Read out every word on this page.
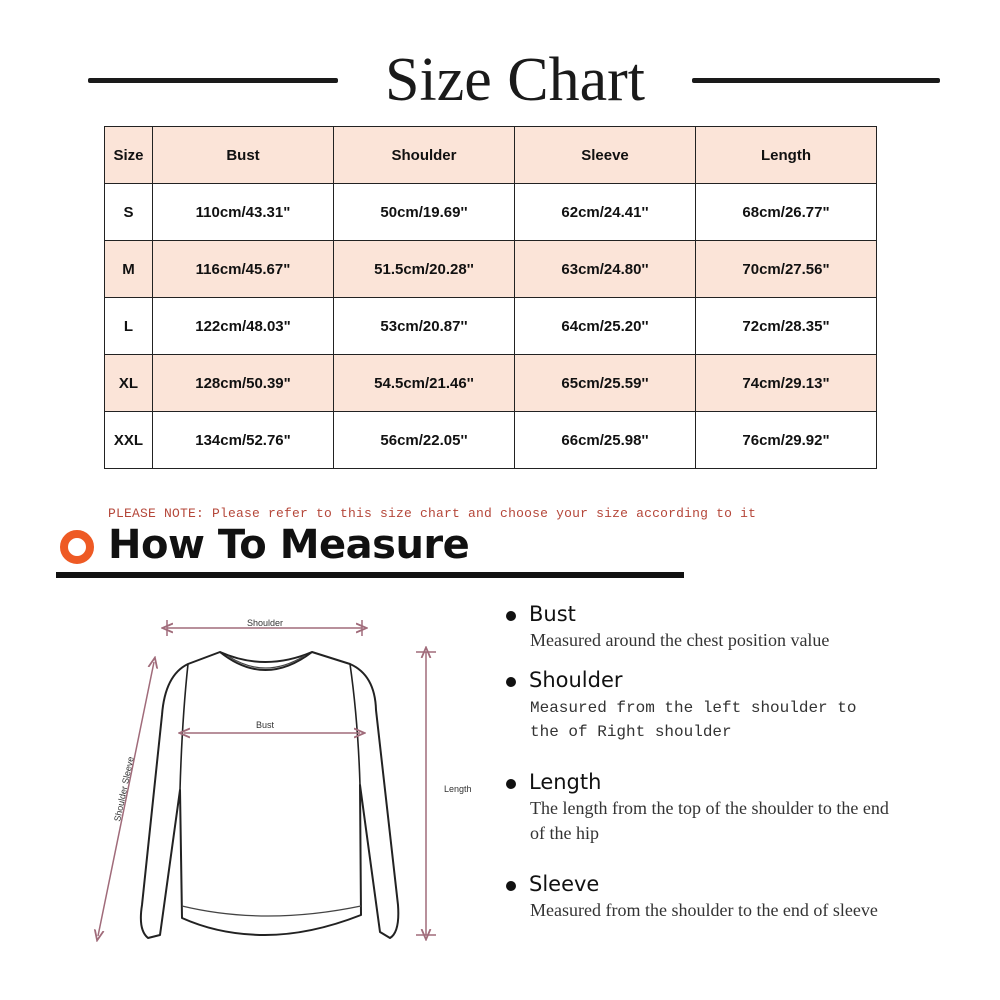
Size Chart
Size	Bust	Shoulder	Sleeve	Length
S	110cm/43.31"	50cm/19.69''	62cm/24.41''	68cm/26.77"
M	116cm/45.67"	51.5cm/20.28''	63cm/24.80''	70cm/27.56"
L	122cm/48.03"	53cm/20.87''	64cm/25.20''	72cm/28.35"
XL	128cm/50.39"	54.5cm/21.46''	65cm/25.59''	74cm/29.13"
XXL	134cm/52.76"	56cm/22.05''	66cm/25.98''	76cm/29.92"
PLEASE NOTE: Please refer to this size chart and choose your size according to it
How To Measure
Shoulder
Bust
Length
Shoulder Sleeve
Bust
Measured around the chest position value
Shoulder
Measured from the left shoulder to the of Right shoulder
Length
The length from the top of the shoulder to the end of the hip
Sleeve
Measured from the shoulder to the end of sleeve
